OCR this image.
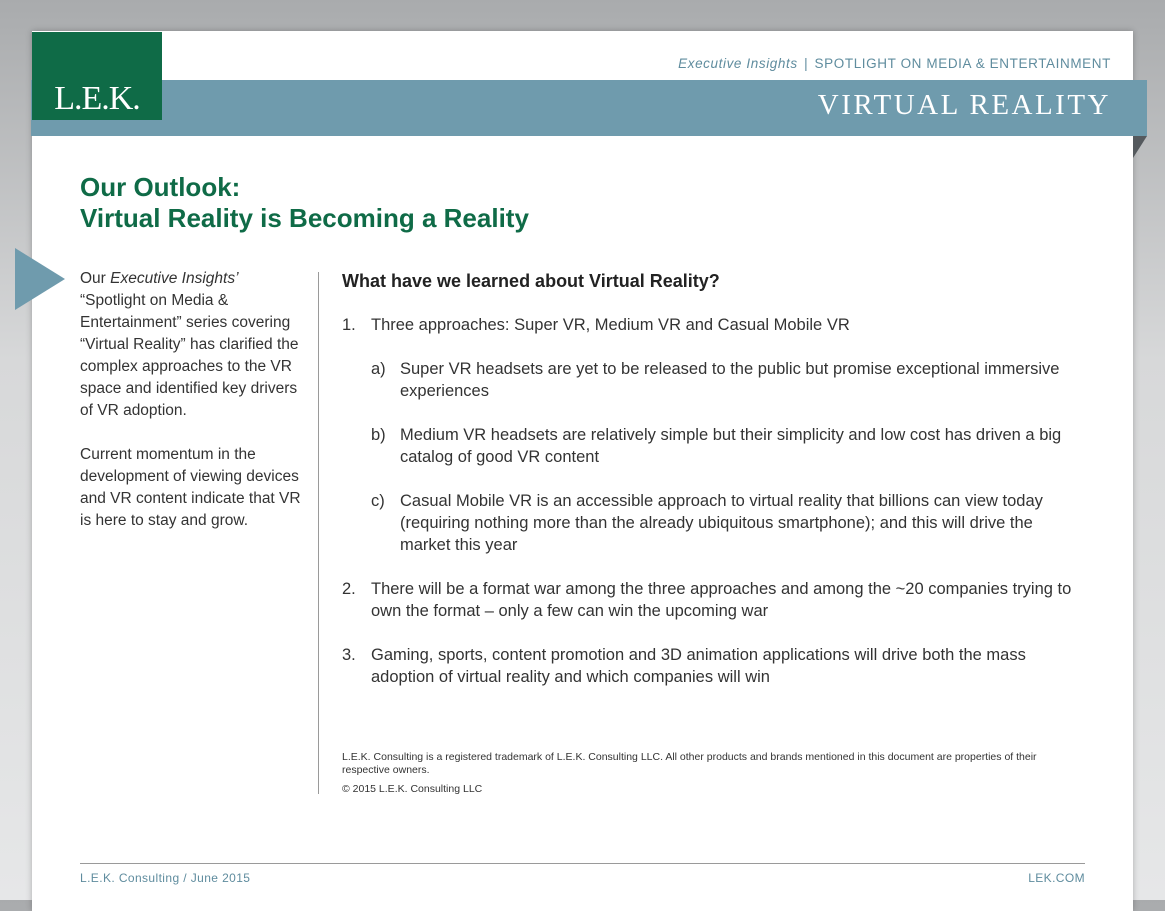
L.E.K.
Executive Insights | SPOTLIGHT ON MEDIA & ENTERTAINMENT
VIRTUAL REALITY
Our Outlook:
Virtual Reality is Becoming a Reality

Our Executive Insights’ “Spotlight on Media & Entertainment” series covering “Virtual Reality” has clarified the complex approaches to the VR space and identified key drivers of VR adoption.

Current momentum in the development of viewing devices and VR content indicate that VR is here to stay and grow.

What have we learned about Virtual Reality?
1. Three approaches: Super VR, Medium VR and Casual Mobile VR
a) Super VR headsets are yet to be released to the public but promise exceptional immersive experiences
b) Medium VR headsets are relatively simple but their simplicity and low cost has driven a big catalog of good VR content
c) Casual Mobile VR is an accessible approach to virtual reality that billions can view today (requiring nothing more than the already ubiquitous smartphone); and this will drive the market this year
2. There will be a format war among the three approaches and among the ~20 companies trying to own the format – only a few can win the upcoming war
3. Gaming, sports, content promotion and 3D animation applications will drive both the mass adoption of virtual reality and which companies will win

L.E.K. Consulting is a registered trademark of L.E.K. Consulting LLC. All other products and brands mentioned in this document are properties of their respective owners.

© 2015 L.E.K. Consulting LLC

L.E.K. Consulting / June 2015	LEK.COM
